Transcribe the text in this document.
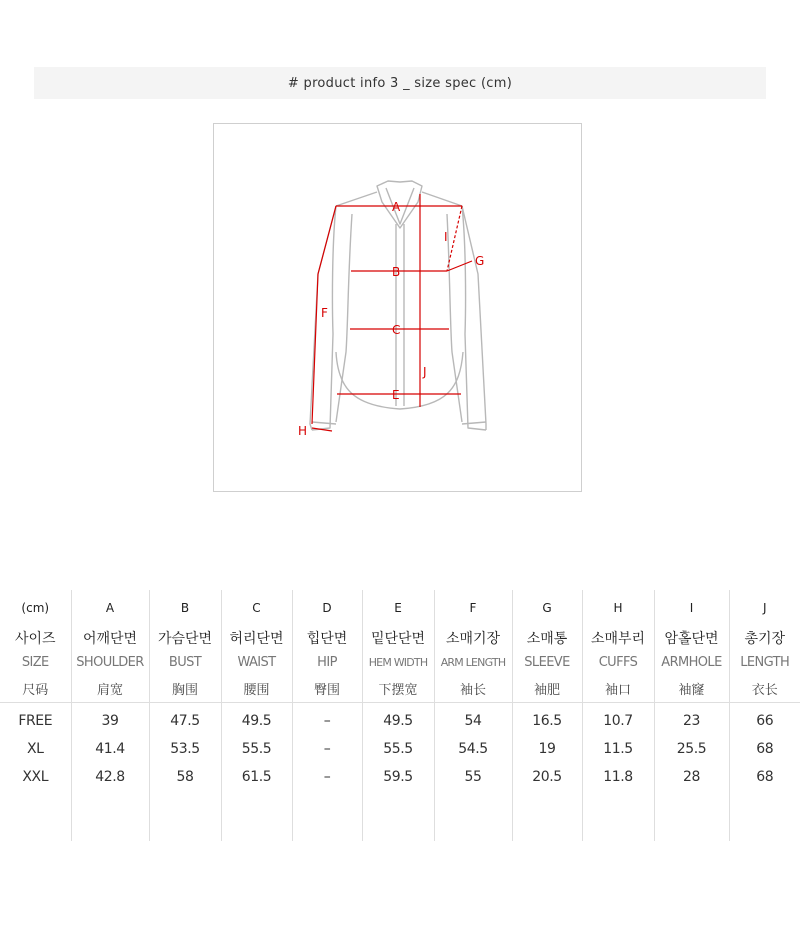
# product info 3 _ size spec (cm)
A
B
C
E
F
G
H
I
J
(cm)	A	B	C	D	E	F	G	H	I	J
사이즈	어깨단면	가슴단면	허리단면	힙단면	밑단단면	소매기장	소매통	소매부리	암홀단면	총기장
SIZE	SHOULDER	BUST	WAIST	HIP	HEM WIDTH	ARM LENGTH	SLEEVE	CUFFS	ARMHOLE	LENGTH
尺码	肩宽	胸围	腰围	臀围	下摆宽	袖长	袖肥	袖口	袖窿	衣长

FREE	39	47.5	49.5	–	49.5	54	16.5	10.7	23	66
XL	41.4	53.5	55.5	–	55.5	54.5	19	11.5	25.5	68
XXL	42.8	58	61.5	–	59.5	55	20.5	11.8	28	68
